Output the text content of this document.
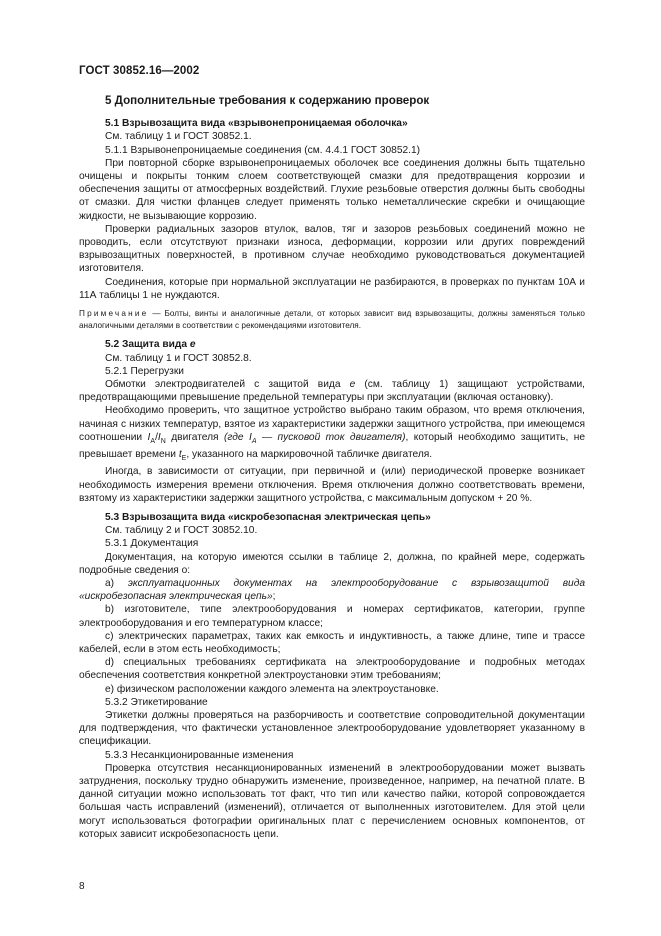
ГОСТ 30852.16—2002

5 Дополнительные требования к содержанию проверок

5.1 Взрывозащита вида «взрывонепроницаемая оболочка»

См. таблицу 1 и ГОСТ 30852.1.

5.1.1 Взрывонепроницаемые соединения (см. 4.4.1 ГОСТ 30852.1)

При повторной сборке взрывонепроницаемых оболочек все соединения должны быть тщательно очищены и покрыты тонким слоем соответствующей смазки для предотвращения коррозии и обеспечения защиты от атмосферных воздействий. Глухие резьбовые отверстия должны быть свободны от смазки. Для чистки фланцев следует применять только неметаллические скребки и очищающие жидкости, не вызывающие коррозию.

Проверки радиальных зазоров втулок, валов, тяг и зазоров резьбовых соединений можно не проводить, если отсутствуют признаки износа, деформации, коррозии или других повреждений взрывозащитных поверхностей, в противном случае необходимо руководствоваться документацией изготовителя.

Соединения, которые при нормальной эксплуатации не разбираются, в проверках по пунктам 10А и 11А таблицы 1 не нуждаются.

Примечание — Болты, винты и аналогичные детали, от которых зависит вид взрывозащиты, должны заменяться только аналогичными деталями в соответствии с рекомендациями изготовителя.

5.2 Защита вида e

См. таблицу 1 и ГОСТ 30852.8.

5.2.1 Перегрузки

Обмотки электродвигателей с защитой вида e (см. таблицу 1) защищают устройствами, предотвращающими превышение предельной температуры при эксплуатации (включая остановку).

Необходимо проверить, что защитное устройство выбрано таким образом, что время отключения, начиная с низких температур, взятое из характеристики задержки защитного устройства, при имеющемся соотношении $I_A/I_N$ двигателя (где $I_A$ — пусковой ток двигателя), который необходимо защитить, не превышает времени $t_E$, указанного на маркировочной табличке двигателя.

Иногда, в зависимости от ситуации, при первичной и (или) периодической проверке возникает необходимость измерения времени отключения. Время отключения должно соответствовать времени, взятому из характеристики задержки защитного устройства, с максимальным допуском + 20 %.

5.3 Взрывозащита вида «искробезопасная электрическая цепь»

См. таблицу 2 и ГОСТ 30852.10.

5.3.1 Документация

Документация, на которую имеются ссылки в таблице 2, должна, по крайней мере, содержать подробные сведения о:

a) эксплуатационных документах на электрооборудование с взрывозащитой вида «искробезопасная электрическая цепь»;

b) изготовителе, типе электрооборудования и номерах сертификатов, категории, группе электрооборудования и его температурном классе;

c) электрических параметрах, таких как емкость и индуктивность, а также длине, типе и трассе кабелей, если в этом есть необходимость;

d) специальных требованиях сертификата на электрооборудование и подробных методах обеспечения соответствия конкретной электроустановки этим требованиям;

e) физическом расположении каждого элемента на электроустановке.

5.3.2 Этикетирование

Этикетки должны проверяться на разборчивость и соответствие сопроводительной документации для подтверждения, что фактически установленное электрооборудование удовлетворяет указанному в спецификации.

5.3.3 Несанкционированные изменения

Проверка отсутствия несанкционированных изменений в электрооборудовании может вызвать затруднения, поскольку трудно обнаружить изменение, произведенное, например, на печатной плате. В данной ситуации можно использовать тот факт, что тип или качество пайки, которой сопровождается большая часть исправлений (изменений), отличается от выполненных изготовителем. Для этой цели могут использоваться фотографии оригинальных плат с перечислением основных компонентов, от которых зависит искробезопасность цепи.

8
